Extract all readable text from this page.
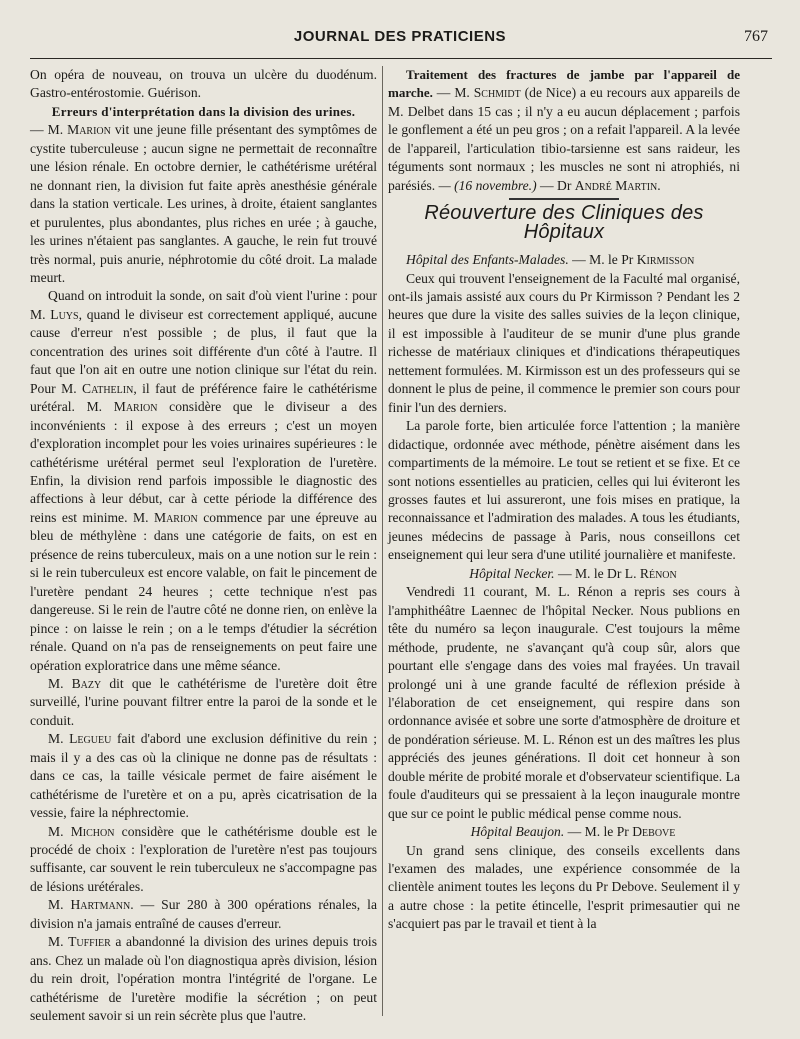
JOURNAL DES PRATICIENS	767

On opéra de nouveau, on trouva un ulcère du duodénum. Gastro-entérostomie. Guérison.

Erreurs d'interprétation dans la division des urines.

— M. Marion vit une jeune fille présentant des symptômes de cystite tuberculeuse ; aucun signe ne permettait de reconnaître une lésion rénale. En octobre dernier, le cathétérisme urétéral ne donnant rien, la division fut faite après anesthésie générale dans la station verticale. Les urines, à droite, étaient sanglantes et purulentes, plus abondantes, plus riches en urée ; à gauche, les urines n'étaient pas sanglantes. A gauche, le rein fut trouvé très normal, puis anurie, néphrotomie du côté droit. La malade meurt.

Quand on introduit la sonde, on sait d'où vient l'urine : pour M. Luys, quand le diviseur est correctement appliqué, aucune cause d'erreur n'est possible ; de plus, il faut que la concentration des urines soit différente d'un côté à l'autre. Il faut que l'on ait en outre une notion clinique sur l'état du rein. Pour M. Cathelin, il faut de préférence faire le cathétérisme urétéral. M. Marion considère que le diviseur a des inconvénients : il expose à des erreurs ; c'est un moyen d'exploration incomplet pour les voies urinaires supérieures : le cathétérisme urétéral permet seul l'exploration de l'uretère. Enfin, la division rend parfois impossible le diagnostic des affections à leur début, car à cette période la différence des reins est minime. M. Marion commence par une épreuve au bleu de méthylène : dans une catégorie de faits, on est en présence de reins tuberculeux, mais on a une notion sur le rein : si le rein tuberculeux est encore valable, on fait le pincement de l'uretère pendant 24 heures ; cette technique n'est pas dangereuse. Si le rein de l'autre côté ne donne rien, on enlève la pince : on laisse le rein ; on a le temps d'étudier la sécrétion rénale. Quand on n'a pas de renseignements on peut faire une opération exploratrice dans une même séance.

M. Bazy dit que le cathétérisme de l'uretère doit être surveillé, l'urine pouvant filtrer entre la paroi de la sonde et le conduit.

M. Legueu fait d'abord une exclusion définitive du rein ; mais il y a des cas où la clinique ne donne pas de résultats : dans ce cas, la taille vésicale permet de faire aisément le cathétérisme de l'uretère et on a pu, après cicatrisation de la vessie, faire la néphrectomie.

M. Michon considère que le cathétérisme double est le procédé de choix : l'exploration de l'uretère n'est pas toujours suffisante, car souvent le rein tuberculeux ne s'accompagne pas de lésions urétérales.

M. Hartmann. — Sur 280 à 300 opérations rénales, la division n'a jamais entraîné de causes d'erreur.

M. Tuffier a abandonné la division des urines depuis trois ans. Chez un malade où l'on diagnostiqua après division, lésion du rein droit, l'opération montra l'intégrité de l'organe. Le cathétérisme de l'uretère modifie la sécrétion ; on peut seulement savoir si un rein sécrète plus que l'autre.

Traitement des fractures de jambe par l'appareil de marche. — M. Schmidt (de Nice) a eu recours aux appareils de M. Delbet dans 15 cas ; il n'y a eu aucun déplacement ; parfois le gonflement a été un peu gros ; on a refait l'appareil. A la levée de l'appareil, l'articulation tibio-tarsienne est sans raideur, les téguments sont normaux ; les muscles ne sont ni atrophiés, ni parésiés. — (16 novembre.) — Dr André Martin.

Réouverture des Cliniques des Hôpitaux

Hôpital des Enfants-Malades. — M. le Pr Kirmisson

Ceux qui trouvent l'enseignement de la Faculté mal organisé, ont-ils jamais assisté aux cours du Pr Kirmisson ? Pendant les 2 heures que dure la visite des salles suivies de la leçon clinique, il est impossible à l'auditeur de se munir d'une plus grande richesse de matériaux cliniques et d'indications thérapeutiques nettement formulées. M. Kirmisson est un des professeurs qui se donnent le plus de peine, il commence le premier son cours pour finir l'un des derniers.

La parole forte, bien articulée force l'attention ; la manière didactique, ordonnée avec méthode, pénètre aisément dans les compartiments de la mémoire. Le tout se retient et se fixe. Et ce sont notions essentielles au praticien, celles qui lui éviteront les grosses fautes et lui assureront, une fois mises en pratique, la reconnaissance et l'admiration des malades. A tous les étudiants, jeunes médecins de passage à Paris, nous conseillons cet enseignement qui leur sera d'une utilité journalière et manifeste.

Hôpital Necker. — M. le Dr L. Rénon

Vendredi 11 courant, M. L. Rénon a repris ses cours à l'amphithéâtre Laennec de l'hôpital Necker. Nous publions en tête du numéro sa leçon inaugurale. C'est toujours la même méthode, prudente, ne s'avançant qu'à coup sûr, alors que pourtant elle s'engage dans des voies mal frayées. Un travail prolongé uni à une grande faculté de réflexion préside à l'élaboration de cet enseignement, qui respire dans son ordonnance avisée et sobre une sorte d'atmosphère de droiture et de pondération sérieuse. M. L. Rénon est un des maîtres les plus appréciés des jeunes générations. Il doit cet honneur à son double mérite de probité morale et d'observateur scientifique. La foule d'auditeurs qui se pressaient à la leçon inaugurale montre que sur ce point le public médical pense comme nous.

Hôpital Beaujon. — M. le Pr Debove

Un grand sens clinique, des conseils excellents dans l'examen des malades, une expérience consommée de la clientèle animent toutes les leçons du Pr Debove. Seulement il y a autre chose : la petite étincelle, l'esprit primesautier qui ne s'acquiert pas par le travail et tient à la
